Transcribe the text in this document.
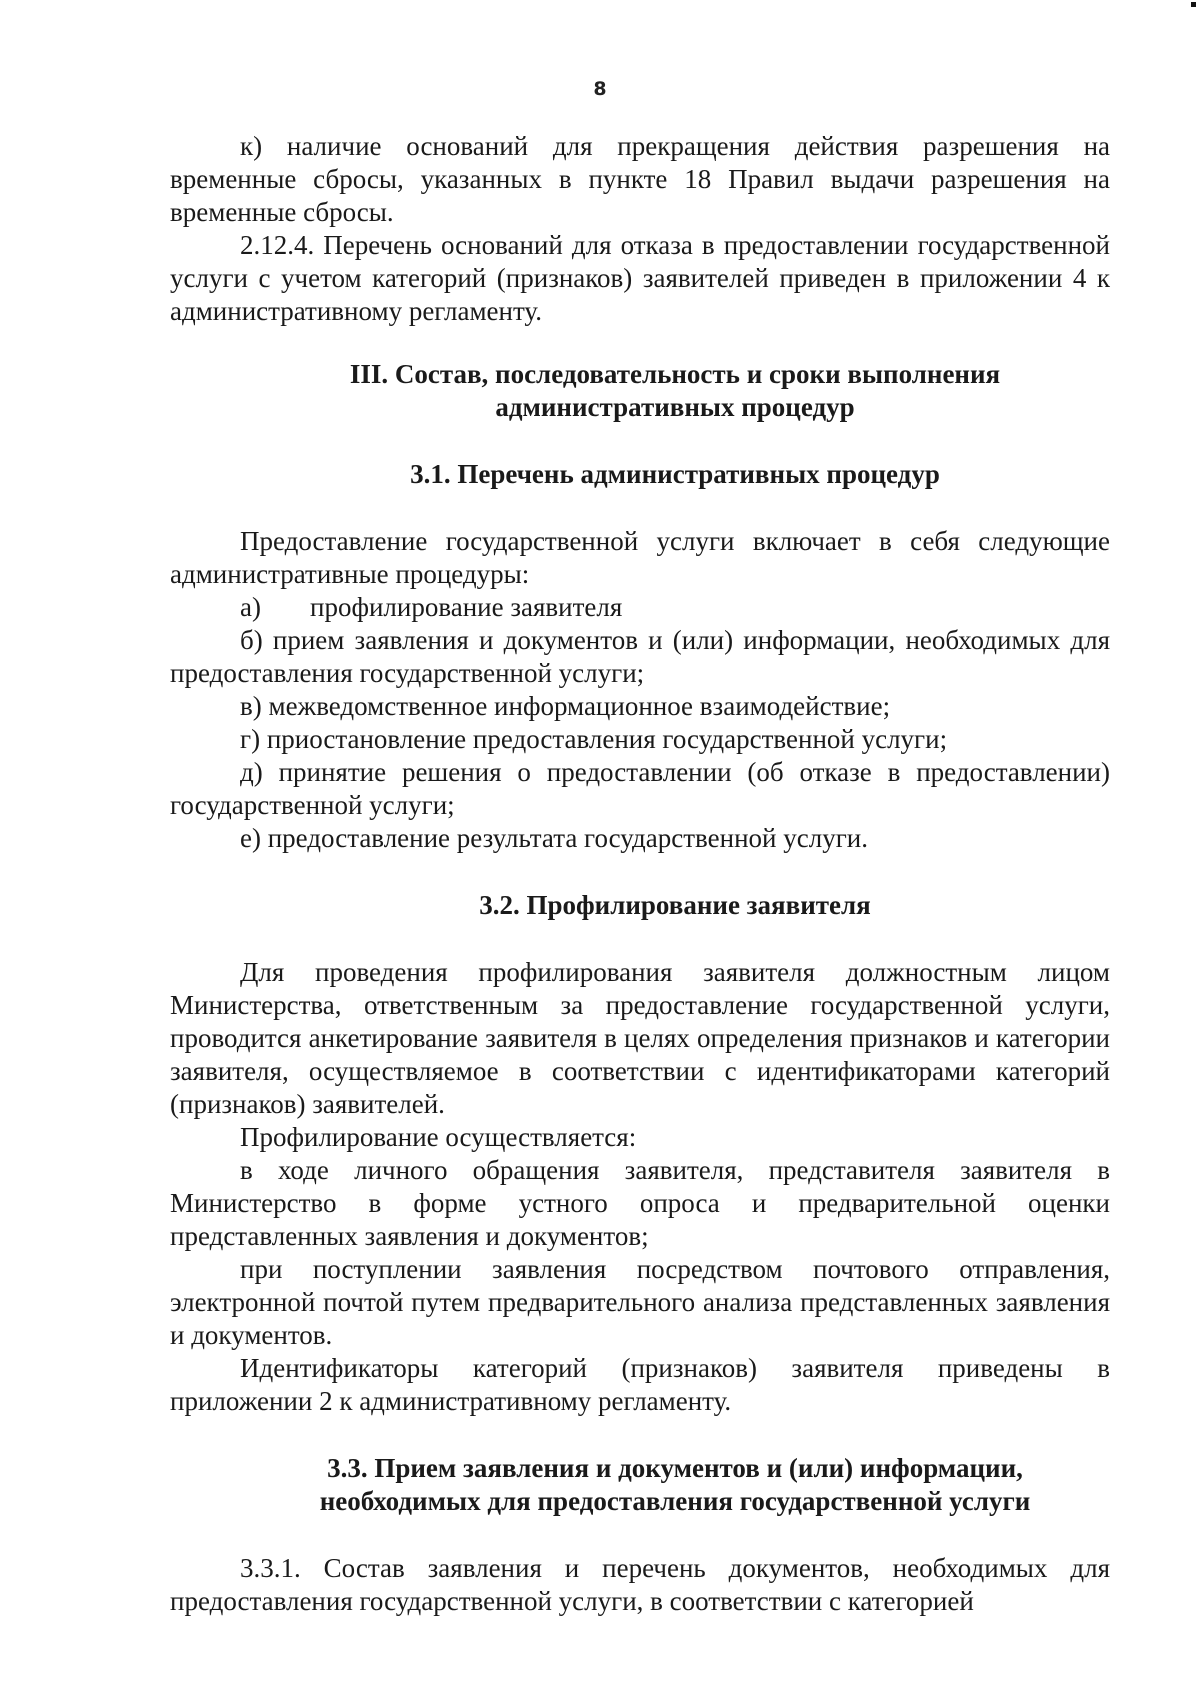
8

к) наличие оснований для прекращения действия разрешения на временные сбросы, указанных в пункте 18 Правил выдачи разрешения на временные сбросы.

2.12.4. Перечень оснований для отказа в предоставлении государственной услуги с учетом категорий (признаков) заявителей приведен в приложении 4 к административному регламенту.

III. Состав, последовательность и сроки выполнения
административных процедур
3.1. Перечень административных процедур

Предоставление государственной услуги включает в себя следующие административные процедуры:

а) профилирование заявителя

б) прием заявления и документов и (или) информации, необходимых для предоставления государственной услуги;

в) межведомственное информационное взаимодействие;

г) приостановление предоставления государственной услуги;

д) принятие решения о предоставлении (об отказе в предоставлении) государственной услуги;

е) предоставление результата государственной услуги.

3.2. Профилирование заявителя

Для проведения профилирования заявителя должностным лицом Министерства, ответственным за предоставление государственной услуги, проводится анкетирование заявителя в целях определения признаков и категории заявителя, осуществляемое в соответствии с идентификаторами категорий (признаков) заявителей.

Профилирование осуществляется:

в ходе личного обращения заявителя, представителя заявителя в Министерство в форме устного опроса и предварительной оценки представленных заявления и документов;

при поступлении заявления посредством почтового отправления, электронной почтой путем предварительного анализа представленных заявления и документов.

Идентификаторы категорий (признаков) заявителя приведены в приложении 2 к административному регламенту.

3.3. Прием заявления и документов и (или) информации,
необходимых для предоставления государственной услуги

3.3.1. Состав заявления и перечень документов, необходимых для предоставления государственной услуги, в соответствии с категорией
